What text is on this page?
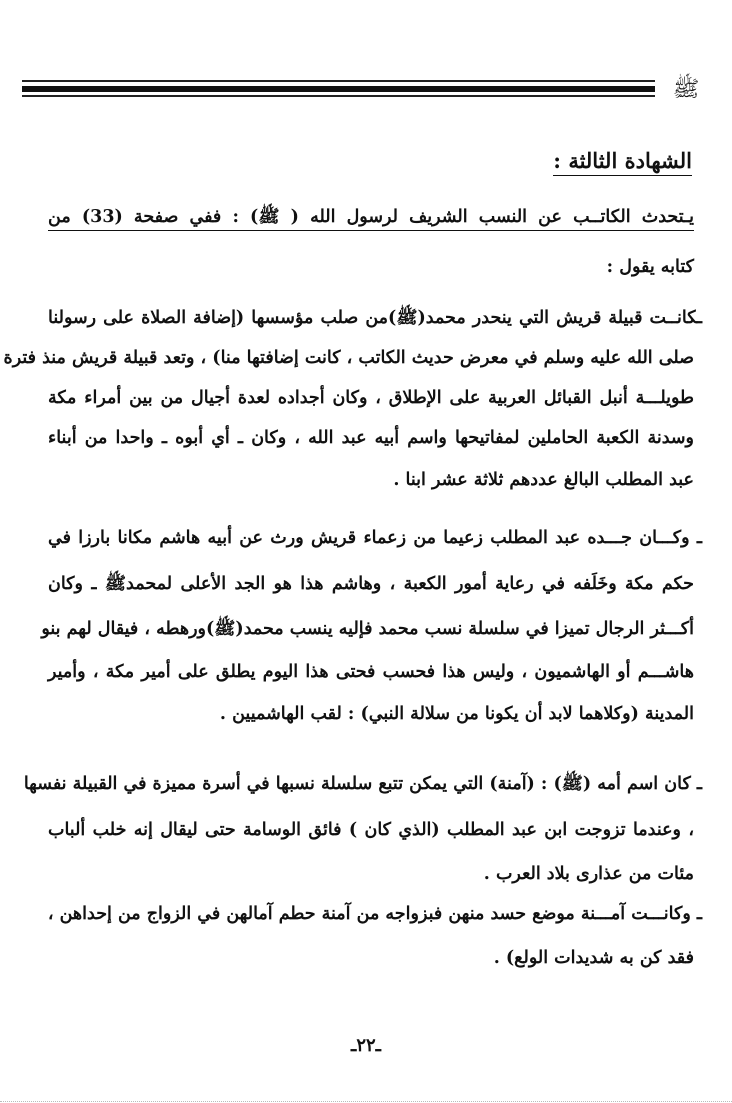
ﷺ
الشهادة الثالثة :
يـتحدث الكاتــب عن النسب الشريف لرسول الله ( ﷺ) : ففي صفحة (33) من
كتابه يقول :
ـكانــت قبيلة قريش التي ينحدر محمد(ﷺ)من صلب مؤسسها (إضافة الصلاة على رسولنا
صلى الله عليه وسلم في معرض حديث الكاتب ، كانت إضافتها منا) ، وتعد قبيلة قريش منذ فترة
طويلـــة أنبل القبائل العربية على الإطلاق ، وكان أجداده لعدة أجيال من بين أمراء مكة
وسدنة الكعبة الحاملين لمفاتيحها واسم أبيه عبد الله ، وكان ـ أي أبوه ـ واحدا من أبناء
عبد المطلب البالغ عددهم ثلاثة عشر ابنا .
ـ وكـــان جـــده عبد المطلب زعيما من زعماء قريش ورث عن أبيه هاشم مكانا بارزا في
حكم مكة وخَلَفه في رعاية أمور الكعبة ، وهاشم هذا هو الجد الأعلى لمحمدﷺ ـ وكان
أكـــثر الرجال تميزا في سلسلة نسب محمد فإليه ينسب محمد(ﷺ)ورهطه ، فيقال لهم بنو
هاشـــم أو الهاشميون ، وليس هذا فحسب فحتى هذا اليوم يطلق على أمير مكة ، وأمير
المدينة (وكلاهما لابد أن يكونا من سلالة النبي) : لقب الهاشميين .
ـ كان اسم أمه (ﷺ) : (آمنة) التي يمكن تتبع سلسلة نسبها في أسرة مميزة في القبيلة نفسها
، وعندما تزوجت ابن عبد المطلب (الذي كان ) فائق الوسامة حتى ليقال إنه خلب ألباب
مئات من عذارى بلاد العرب .
ـ وكانـــت آمـــنة موضع حسد منهن فبزواجه من آمنة حطم آمالهن في الزواج من إحداهن ،
فقد كن به شديدات الولع) .
ـ٢٢ـ
